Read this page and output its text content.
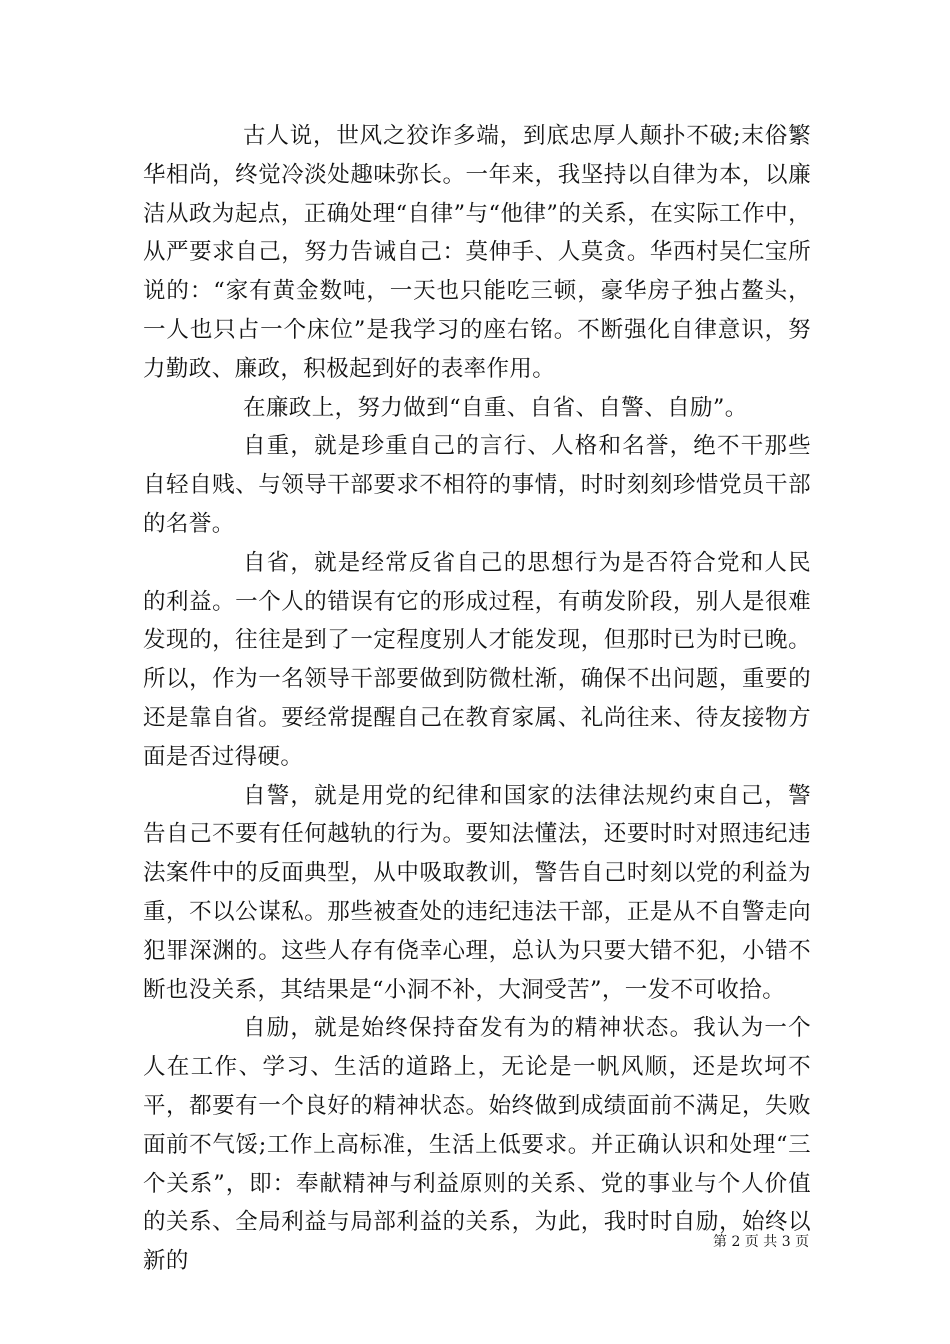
古人说，世风之狡诈多端，到底忠厚人颠扑不破;末俗繁华相尚，终觉冷淡处趣味弥长。一年来，我坚持以自律为本，以廉洁从政为起点，正确处理“自律”与“他律”的关系，在实际工作中，从严要求自己，努力告诫自己：莫伸手、人莫贪。华西村吴仁宝所说的：“家有黄金数吨，一天也只能吃三顿，豪华房子独占鳌头，一人也只占一个床位”是我学习的座右铭。不断强化自律意识，努力勤政、廉政，积极起到好的表率作用。

在廉政上，努力做到“自重、自省、自警、自励”。

自重，就是珍重自己的言行、人格和名誉，绝不干那些自轻自贱、与领导干部要求不相符的事情，时时刻刻珍惜党员干部的名誉。

自省，就是经常反省自己的思想行为是否符合党和人民的利益。一个人的错误有它的形成过程，有萌发阶段，别人是很难发现的，往往是到了一定程度别人才能发现，但那时已为时已晚。所以，作为一名领导干部要做到防微杜渐，确保不出问题，重要的还是靠自省。要经常提醒自己在教育家属、礼尚往来、待友接物方面是否过得硬。

自警，就是用党的纪律和国家的法律法规约束自己，警告自己不要有任何越轨的行为。要知法懂法，还要时时对照违纪违法案件中的反面典型，从中吸取教训，警告自己时刻以党的利益为重，不以公谋私。那些被查处的违纪违法干部，正是从不自警走向犯罪深渊的。这些人存有侥幸心理，总认为只要大错不犯，小错不断也没关系，其结果是“小洞不补，大洞受苦”，一发不可收拾。

自励，就是始终保持奋发有为的精神状态。我认为一个人在工作、学习、生活的道路上，无论是一帆风顺，还是坎坷不平，都要有一个良好的精神状态。始终做到成绩面前不满足，失败面前不气馁;工作上高标准，生活上低要求。并正确认识和处理“三个关系”，即：奉献精神与利益原则的关系、党的事业与个人价值的关系、全局利益与局部利益的关系，为此，我时时自励，始终以新的

第 2 页 共 3 页
